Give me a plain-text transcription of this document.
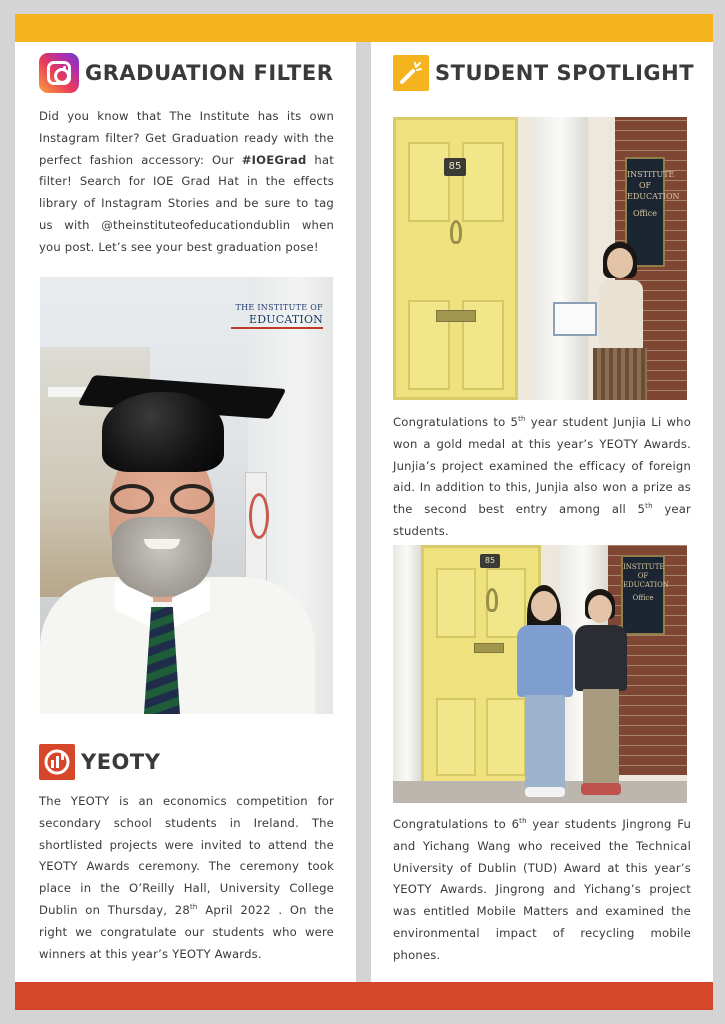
GRADUATION FILTER

Did you know that The Institute has its own Instagram filter? Get Graduation ready with the perfect fashion accessory: Our #IOEGrad hat filter! Search for IOE Grad Hat in the effects library of Instagram Stories and be sure to tag us with @theinstituteofeducationdublin when you post. Let’s see your best graduation pose!

THE INSTITUTE OF
EDUCATION
YEOTY

The YEOTY is an economics competition for secondary school students in Ireland. The shortlisted projects were invited to attend the YEOTY Awards ceremony. The ceremony took place in the O’Reilly Hall, University College Dublin on Thursday, 28th April 2022 . On the right we congratulate our students who were winners at this year’s YEOTY Awards.

STUDENT SPOTLIGHT
85
INSTITUTE
OF
EDUCATION
Office

Congratulations to 5th year student Junjia Li who won a gold medal at this year’s YEOTY Awards. Junjia’s project examined the efficacy of foreign aid. In addition to this, Junjia also won a prize as the second best entry among all 5th year students.

85
INSTITUTE
OF
EDUCATION
Office

Congratulations to 6th year students Jingrong Fu and Yichang Wang who received the Technical University of Dublin (TUD) Award at this year’s YEOTY Awards. Jingrong and Yichang’s project was entitled Mobile Matters and examined the environmental impact of recycling mobile phones.
